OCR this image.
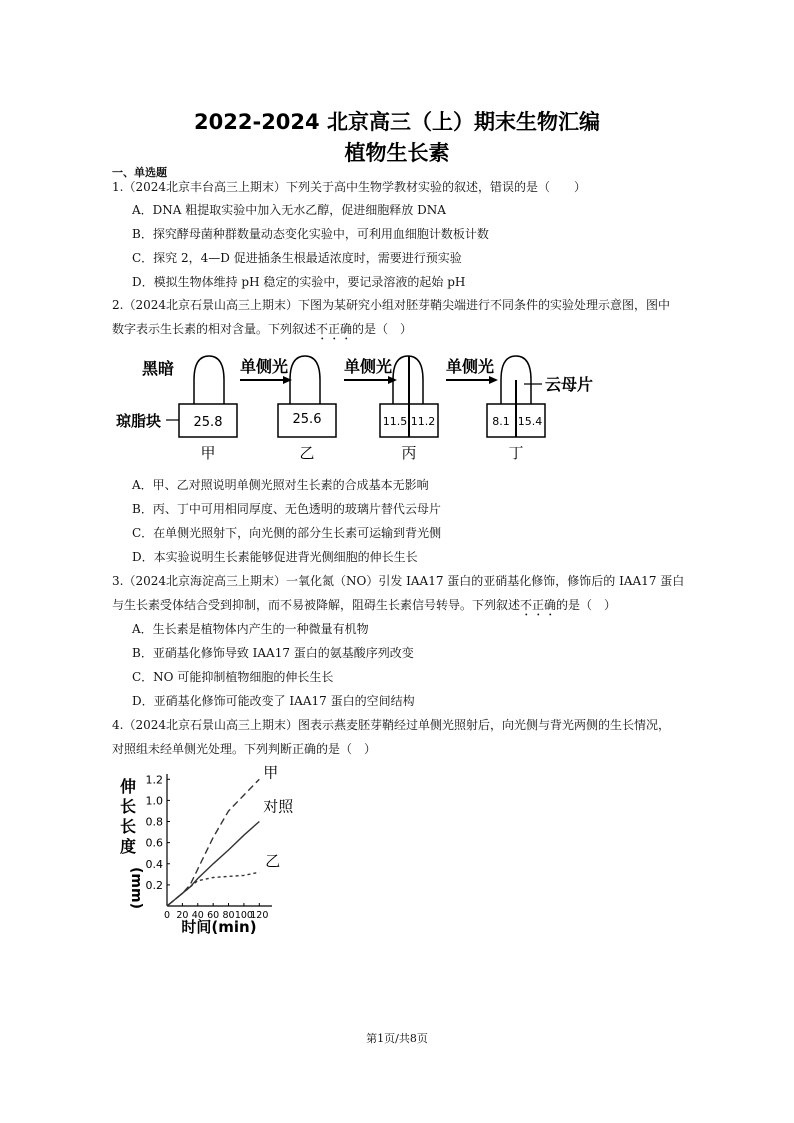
2022-2024 北京高三（上）期末生物汇编
植物生长素
一、单选题
1.（2024北京丰台高三上期末）下列关于高中生物学教材实验的叙述，错误的是（　　）
A．DNA 粗提取实验中加入无水乙醇，促进细胞释放 DNA
B．探究酵母菌种群数量动态变化实验中，可利用血细胞计数板计数
C．探究 2，4—D 促进插条生根最适浓度时，需要进行预实验
D．模拟生物体维持 pH 稳定的实验中，要记录溶液的起始 pH
2.（2024北京石景山高三上期末）下图为某研究小组对胚芽鞘尖端进行不同条件的实验处理示意图，图中
数字表示生长素的相对含量。下列叙述不正确的是（　）
黑暗
25.8
琼脂块
甲
单侧光
25.6
乙
单侧光
11.5 11.2
丙
单侧光
8.1 15.4
云母片
丁
A．甲、乙对照说明单侧光照对生长素的合成基本无影响
B．丙、丁中可用相同厚度、无色透明的玻璃片替代云母片
C．在单侧光照射下，向光侧的部分生长素可运输到背光侧
D．本实验说明生长素能够促进背光侧细胞的伸长生长
3.（2024北京海淀高三上期末）一氧化氮（NO）引发 IAA17 蛋白的亚硝基化修饰，修饰后的 IAA17 蛋白
与生长素受体结合受到抑制，而不易被降解，阻碍生长素信号转导。下列叙述不正确的是（　）
A．生长素是植物体内产生的一种微量有机物
B．亚硝基化修饰导致 IAA17 蛋白的氨基酸序列改变
C．NO 可能抑制植物细胞的伸长生长
D．亚硝基化修饰可能改变了 IAA17 蛋白的空间结构
4.（2024北京石景山高三上期末）图表示燕麦胚芽鞘经过单侧光照射后，向光侧与背光两侧的生长情况，
对照组未经单侧光处理。下列判断正确的是（　）
伸
长
长
度
(mm) 0.2
0.4
0.6
0.8
1.0
1.2
0 20 40 60 80 100
120
甲
对照
乙
时间(min)
第1页/共8页
